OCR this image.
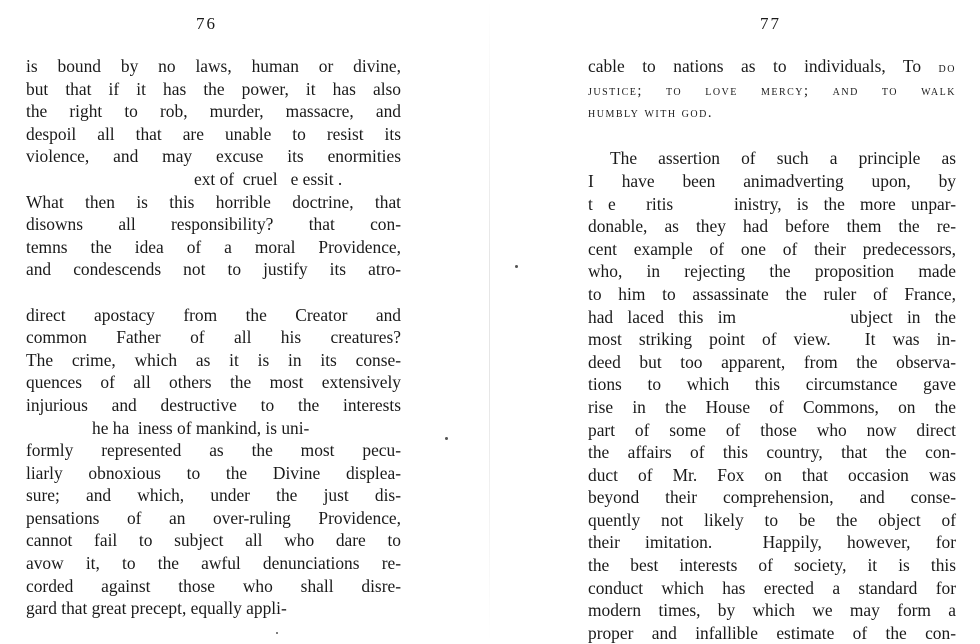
76
is bound by no laws, human or divine,
but that if it has the power, it has also
the right to rob, murder, massacre, and
despoil all that are unable to resist its
violence, and may excuse its enormities
ext of  cruel   e essit .
What then is this horrible doctrine, that
disowns all responsibility? that con-
temns the idea of a moral Providence,
and condescends not to justify its atro-
direct apostacy from the Creator and
common Father of all his creatures?
The crime, which as it is in its conse-
quences of all others the most extensively
injurious and destructive to the interests
he ha  iness of mankind, is uni-
formly represented as the most pecu-
liarly obnoxious to the Divine displea-
sure; and which, under the just dis-
pensations of an over-ruling Providence,
cannot fail to subject all who dare to
avow it, to the awful denunciations re-
corded against those who shall disre-
gard that great precept, equally appli-
77
cable to nations as to individuals, To do
justice; to love mercy; and to walk
humbly with god.
The assertion of such a principle as
I have been animadverting upon, by
t e  ritis    inistry, is the more unpar-
donable, as they had before them the re-
cent example of one of their predecessors,
who, in rejecting the proposition made
to him to assassinate the ruler of France,
had laced this im        ubject in the
most striking point of view.  It was in-
deed but too apparent, from the observa-
tions to which this circumstance gave
rise in the House of Commons, on the
part of some of those who now direct
the affairs of this country, that the con-
duct of Mr. Fox on that occasion was
beyond their comprehension, and conse-
quently not likely to be the object of
their imitation.  Happily, however, for
the best interests of society, it is this
conduct which has erected a standard for
modern times, by which we may form a
proper and infallible estimate of the con-
